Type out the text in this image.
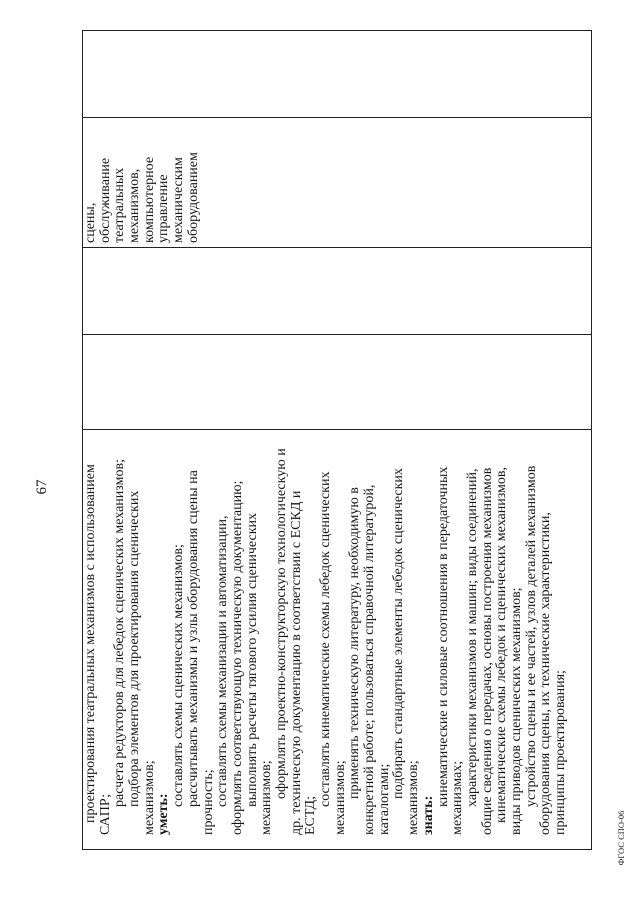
67 проектирования театральных механизмов с использованием САПР;
расчета редукторов для лебедок сценических механизмов; подбора элементов для проектирования сценических механизмов; уметь:
составлять схемы сценических механизмов; рассчитывать механизмы и узлы оборудования сцены на прочность; составлять схемы механизации и автоматизации, оформлять соответствующую техническую документацию; выполнять расчеты тягового усилия сценических механизмов; оформлять проектно-конструкторскую технологическую и др. техническую документацию в соответствии с ЕСКД и ЕСТД;
составлять кинематические схемы лебедок сценических механизмов; применять техническую литературу, необходимую в конкретной работе; пользоваться справочной литературой, каталогами;
подбирать стандартные элементы лебедок сценических механизмов; знать:
кинематические и силовые соотношения в передаточных механизмах; характеристики механизмов и машин; виды соединений, общие сведения о передачах, основы построения механизмов кинематические схемы лебедок и сценических механизмов, виды приводов сценических механизмов; устройство сцены и ее частей, узлов деталей механизмов оборудования сцены, их технические характеристики, принципы проектирования;
сцены, обслуживание театральных механизмов, компьютерное управление механическим оборудованием
ФГОС СПО-06
